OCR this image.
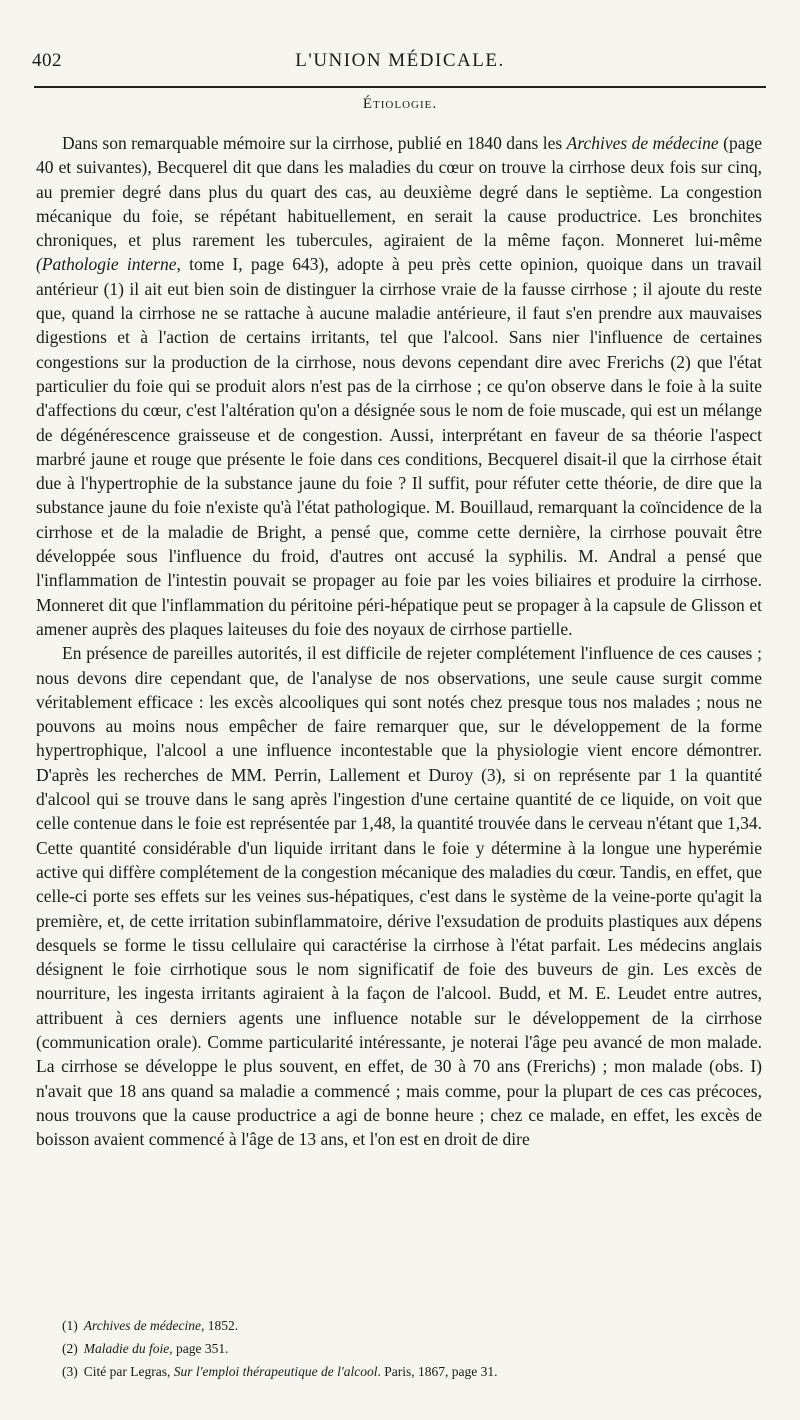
402	L'UNION MÉDICALE.
Étiologie.

Dans son remarquable mémoire sur la cirrhose, publié en 1840 dans les Archives de médecine (page 40 et suivantes), Becquerel dit que dans les maladies du cœur on trouve la cirrhose deux fois sur cinq, au premier degré dans plus du quart des cas, au deuxième degré dans le septième. La congestion mécanique du foie, se répétant habituellement, en serait la cause productrice. Les bronchites chroniques, et plus rarement les tubercules, agiraient de la même façon. Monneret lui-même (Pathologie interne, tome I, page 643), adopte à peu près cette opinion, quoique dans un travail antérieur (1) il ait eut bien soin de distinguer la cirrhose vraie de la fausse cirrhose ; il ajoute du reste que, quand la cirrhose ne se rattache à aucune maladie antérieure, il faut s'en prendre aux mauvaises digestions et à l'action de certains irritants, tel que l'alcool. Sans nier l'influence de certaines congestions sur la production de la cirrhose, nous devons cependant dire avec Frerichs (2) que l'état particulier du foie qui se produit alors n'est pas de la cirrhose ; ce qu'on observe dans le foie à la suite d'affections du cœur, c'est l'altération qu'on a désignée sous le nom de foie muscade, qui est un mélange de dégénérescence graisseuse et de congestion. Aussi, interprétant en faveur de sa théorie l'aspect marbré jaune et rouge que présente le foie dans ces conditions, Becquerel disait-il que la cirrhose était due à l'hypertrophie de la substance jaune du foie ? Il suffit, pour réfuter cette théorie, de dire que la substance jaune du foie n'existe qu'à l'état pathologique. M. Bouillaud, remarquant la coïncidence de la cirrhose et de la maladie de Bright, a pensé que, comme cette dernière, la cirrhose pouvait être développée sous l'influence du froid, d'autres ont accusé la syphilis. M. Andral a pensé que l'inflammation de l'intestin pouvait se propager au foie par les voies biliaires et produire la cirrhose. Monneret dit que l'inflammation du péritoine péri-hépatique peut se propager à la capsule de Glisson et amener auprès des plaques laiteuses du foie des noyaux de cirrhose partielle.

En présence de pareilles autorités, il est difficile de rejeter complétement l'influence de ces causes ; nous devons dire cependant que, de l'analyse de nos observations, une seule cause surgit comme véritablement efficace : les excès alcooliques qui sont notés chez presque tous nos malades ; nous ne pouvons au moins nous empêcher de faire remarquer que, sur le développement de la forme hypertrophique, l'alcool a une influence incontestable que la physiologie vient encore démontrer. D'après les recherches de MM. Perrin, Lallement et Duroy (3), si on représente par 1 la quantité d'alcool qui se trouve dans le sang après l'ingestion d'une certaine quantité de ce liquide, on voit que celle contenue dans le foie est représentée par 1,48, la quantité trouvée dans le cerveau n'étant que 1,34. Cette quantité considérable d'un liquide irritant dans le foie y détermine à la longue une hyperémie active qui diffère complétement de la congestion mécanique des maladies du cœur. Tandis, en effet, que celle-ci porte ses effets sur les veines sus-hépatiques, c'est dans le système de la veine-porte qu'agit la première, et, de cette irritation subinflammatoire, dérive l'exsudation de produits plastiques aux dépens desquels se forme le tissu cellulaire qui caractérise la cirrhose à l'état parfait. Les médecins anglais désignent le foie cirrhotique sous le nom significatif de foie des buveurs de gin. Les excès de nourriture, les ingesta irritants agiraient à la façon de l'alcool. Budd, et M. E. Leudet entre autres, attribuent à ces derniers agents une influence notable sur le développement de la cirrhose (communication orale). Comme particularité intéressante, je noterai l'âge peu avancé de mon malade. La cirrhose se développe le plus souvent, en effet, de 30 à 70 ans (Frerichs) ; mon malade (obs. I) n'avait que 18 ans quand sa maladie a commencé ; mais comme, pour la plupart de ces cas précoces, nous trouvons que la cause productrice a agi de bonne heure ; chez ce malade, en effet, les excès de boisson avaient commencé à l'âge de 13 ans, et l'on est en droit de dire

(1) Archives de médecine, 1852.
(2) Maladie du foie, page 351.
(3) Cité par Legras, Sur l'emploi thérapeutique de l'alcool. Paris, 1867, page 31.
